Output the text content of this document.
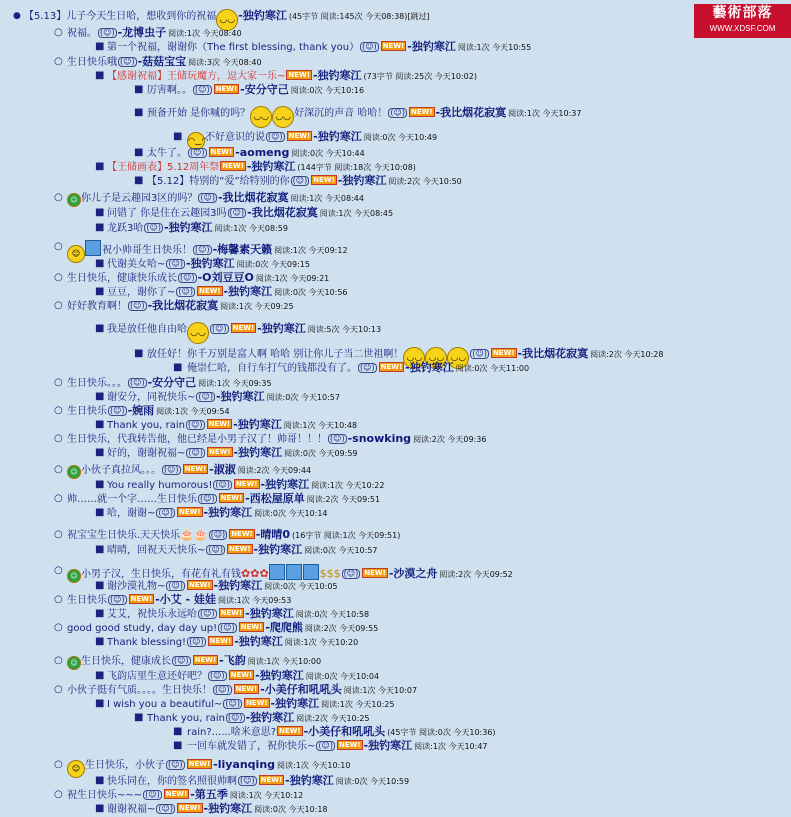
藝術部落
WWW.XDSF.COM
● 【5.13】儿子今天生日哈，想收到你的祝福 ◡◡ -独钓寒江 (45字节 阅读:145次 今天08:38)[跳过]
○ 祝福。 (☺) -龙博虫子 阅读:1次 今天08:40
■ 第一个祝福，谢谢你（The first blessing, thank you） (☺) $^{NEW!}$ -独钓寒江 阅读:1次 今天10:55
○ 生日快乐哦 (☺) -菇菇宝宝 阅读:3次 今天08:40
■ 【感谢祝福】王储玩魔方，逗大家一乐~ $^{NEW!}$ -独钓寒江 (73字节 阅读:25次 今天10:02)
■ 厉害啊。。 (☺) $^{NEW!}$ -安分守己 阅读:0次 今天10:16
■ 预备开始 是你喊的吗？ ◡◡ ◡◡ 好深沉的声音 哈哈！ (☺) $^{NEW!}$ -我比烟花寂寞 阅读:1次 今天10:37
■ ◠‿◠不好意识的说 (☺) $^{NEW!}$ -独钓寒江 阅读:0次 今天10:49
■ 太牛了。 (☺) $^{NEW!}$ -aomeng 阅读:0次 今天10:44
■ 【王储画表】5.12周年祭 $^{NEW!}$ -独钓寒江 (144字节 阅读:18次 今天10:08)
■ 【5.12】特别的“爱”给特别的你 (☺) $^{NEW!}$ -独钓寒江 阅读:2次 今天10:50
○	☺ 你儿子是云趣园3区的吗？ (☺) -我比烟花寂寞 阅读:1次 今天08:44
■ 问错了 你是住在云趣园3吗 (☺) -我比烟花寂寞 阅读:1次 今天08:45
■ 龙跃3哈 (☺) -独钓寒江 阅读:1次 今天08:59
○
☺ 祝小帅哥生日快乐！ (☺) -梅馨素天籁 阅读:1次 今天09:12
■ 代谢美女哈~ (☺) -独钓寒江 阅读:0次 今天09:15
○ 生日快乐，健康快乐成长 (☺) -O刘豆豆O 阅读:1次 今天09:21
■ 豆豆，谢你了~ (☺) $^{NEW!}$ -独钓寒江 阅读:0次 今天10:56
○ 好好教育啊！ (☺) -我比烟花寂寞 阅读:1次 今天09:25
■ 我是放任他自由哈 ◡◡ (☺) $^{NEW!}$ -独钓寒江 阅读:5次 今天10:13
■ 放任好！你千万别是富人啊 哈哈 别让你儿子当二世祖啊！ ◡◡ ◡◡ ◡◡ (☺) $^{NEW!}$ -我比烟花寂寞 阅读:2次 今天10:28
■ 俺崇仁哈，自行车打气的钱都没有了。 (☺) $^{NEW!}$ -独钓寒江 阅读:0次 今天11:00
○ 生日快乐。。。 (☺) -安分守己 阅读:1次 今天09:35
■ 谢安分，同祝快乐~ (☺) -独钓寒江 阅读:0次 今天10:57
○ 生日快乐 (☺) -婉雨 阅读:1次 今天09:54
■ Thank you, rain (☺) $^{NEW!}$ -独钓寒江 阅读:1次 今天10:48
○ 生日快乐，代我转告他，他已经是小男子汉了！帅哥！！！ (☺) -snowking 阅读:2次 今天09:36
■ 好的，谢谢祝福~ (☺) $^{NEW!}$ -独钓寒江 阅读:0次 今天09:59
○	☺ 小伙子真拉风。。。 (☺) $^{NEW!}$ -淑淑 阅读:2次 今天09:44
■ You really humorous! (☺) $^{NEW!}$ -独钓寒江 阅读:1次 今天10:22
○ 帅……就一个字……生日快乐 (☺) $^{NEW!}$ -西松屋原单 阅读:2次 今天09:51
■ 哈，谢谢~ (☺) $^{NEW!}$ -独钓寒江 阅读:0次 今天10:14
○ 祝宝宝生日快乐.天天快乐🎂🎂 (☺) $^{NEW!}$ -晴晴0 (16字节 阅读:1次 今天09:51)
■ 晴晴，回祝天天快乐~ (☺) $^{NEW!}$ -独钓寒江 阅读:0次 今天10:57
○	☺ 小男子汉，生日快乐，有花有礼有钱✿✿✿	$$$ (☺) $^{NEW!}$ -沙漠之舟 阅读:2次 今天09:52
■ 谢沙漠礼物~ (☺) $^{NEW!}$ -独钓寒江 阅读:0次 今天10:05
○ 生日快乐 (☺) $^{NEW!}$ -小艾 - 娃娃 阅读:1次 今天09:53
■ 艾艾，祝快乐永远哈 (☺) $^{NEW!}$ -独钓寒江 阅读:0次 今天10:58
○ good good study, day day up! (☺) $^{NEW!}$ -爬爬熊 阅读:2次 今天09:55
■ Thank blessing! (☺) $^{NEW!}$ -独钓寒江 阅读:1次 今天10:20
○	☺ 生日快乐，健康成长 (☺) $^{NEW!}$ -飞韵 阅读:1次 今天10:00
■ 飞韵店里生意还好吧？ (☺) $^{NEW!}$ -独钓寒江 阅读:0次 今天10:04
○ 小伙子挺有气质。。。。生日快乐！ (☺) $^{NEW!}$ -小美仔和吼吼头 阅读:1次 今天10:07
■ I wish you a beautiful~ (☺) $^{NEW!}$ -独钓寒江 阅读:1次 今天10:25
■ Thank you, rain (☺) -独钓寒江 阅读:2次 今天10:25
■ rain?......啥米意思? $^{NEW!}$ -小美仔和吼吼头 (45字节 阅读:0次 今天10:36)
■ 一回车就发错了，祝你快乐~ (☺) $^{NEW!}$ -独钓寒江 阅读:1次 今天10:47
○	☺ 生日快乐，小伙子 (☺) $^{NEW!}$ -liyanqing 阅读:1次 今天10:10
■ 快乐同在，你的签名照很帅啊 (☺) $^{NEW!}$ -独钓寒江 阅读:0次 今天10:59
○ 祝生日快乐~~~ (☺) $^{NEW!}$ -第五季 阅读:1次 今天10:12
■ 谢谢祝福~ (☺) $^{NEW!}$ -独钓寒江 阅读:0次 今天10:18
